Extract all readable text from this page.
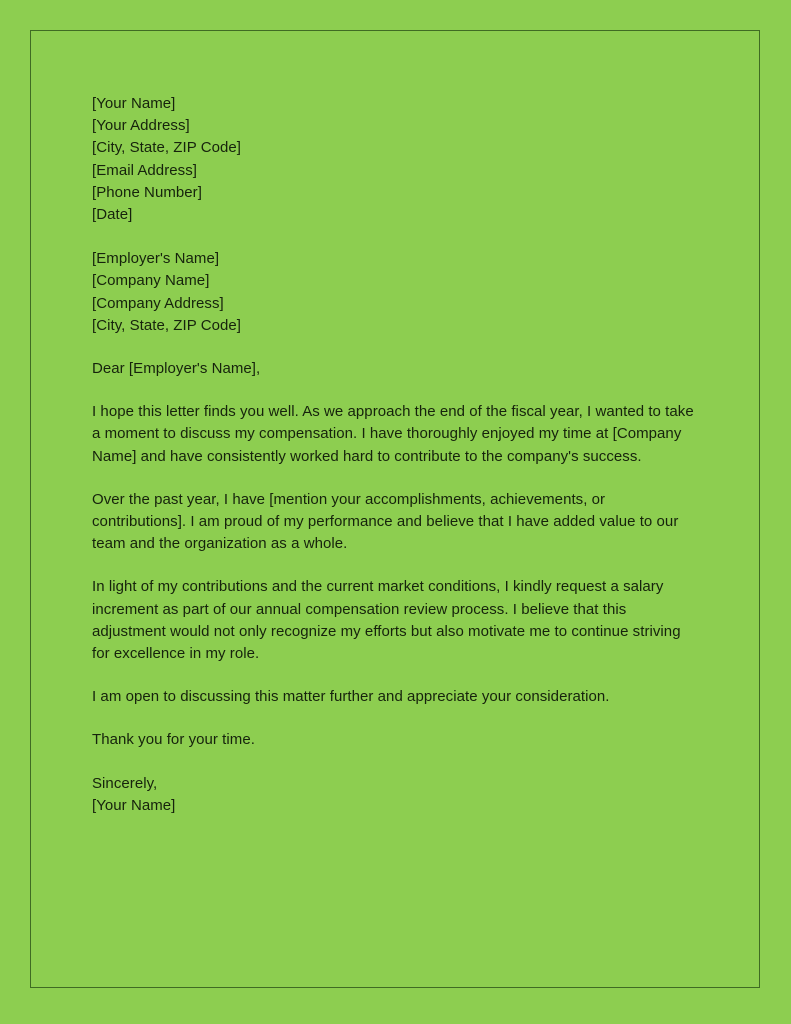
[Your Name]
[Your Address]
[City, State, ZIP Code]
[Email Address]
[Phone Number]
[Date]
[Employer's Name]
[Company Name]
[Company Address]
[City, State, ZIP Code]
Dear [Employer's Name],
I hope this letter finds you well. As we approach the end of the fiscal year, I wanted to take a moment to discuss my compensation. I have thoroughly enjoyed my time at [Company Name] and have consistently worked hard to contribute to the company's success.
Over the past year, I have [mention your accomplishments, achievements, or contributions]. I am proud of my performance and believe that I have added value to our team and the organization as a whole.
In light of my contributions and the current market conditions, I kindly request a salary increment as part of our annual compensation review process. I believe that this adjustment would not only recognize my efforts but also motivate me to continue striving for excellence in my role.
I am open to discussing this matter further and appreciate your consideration.
Thank you for your time.
Sincerely,
[Your Name]
